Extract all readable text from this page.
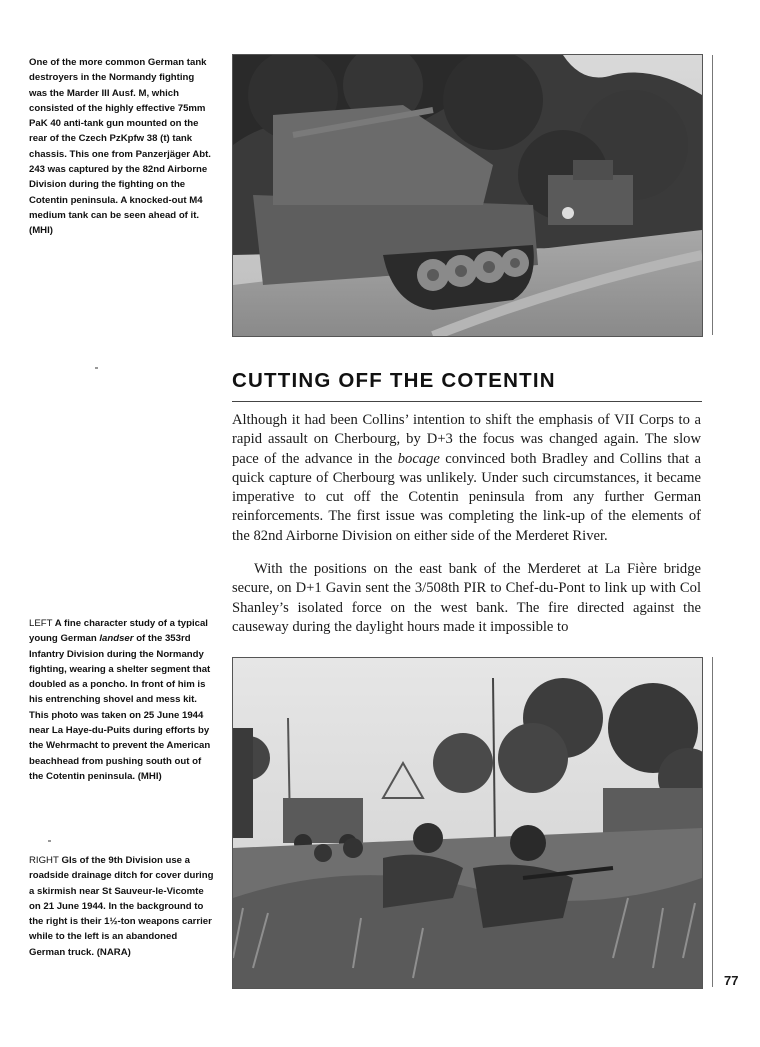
One of the more common German tank destroyers in the Normandy fighting was the Marder III Ausf. M, which consisted of the highly effective 75mm PaK 40 anti-tank gun mounted on the rear of the Czech PzKpfw 38 (t) tank chassis. This one from Panzerjäger Abt. 243 was captured by the 82nd Airborne Division during the fighting on the Cotentin peninsula. A knocked-out M4 medium tank can be seen ahead of it. (MHI)
CUTTING OFF THE COTENTIN

Although it had been Collins’ intention to shift the emphasis of VII Corps to a rapid assault on Cherbourg, by D+3 the focus was changed again. The slow pace of the advance in the bocage convinced both Bradley and Collins that a quick capture of Cherbourg was unlikely. Under such circumstances, it became imperative to cut off the Cotentin peninsula from any further German reinforcements. The first issue was completing the link-up of the elements of the 82nd Airborne Division on either side of the Merderet River.

With the positions on the east bank of the Merderet at La Fière bridge secure, on D+1 Gavin sent the 3/508th PIR to Chef-du-Pont to link up with Col Shanley’s isolated force on the west bank. The fire directed against the causeway during the daylight hours made it impossible to

LEFT A fine character study of a typical young German landser of the 353rd Infantry Division during the Normandy fighting, wearing a shelter segment that doubled as a poncho. In front of him is his entrenching shovel and mess kit. This photo was taken on 25 June 1944 near La Haye-du-Puits during efforts by the Wehrmacht to prevent the American beachhead from pushing south out of the Cotentin peninsula. (MHI)
RIGHT GIs of the 9th Division use a roadside drainage ditch for cover during a skirmish near St Sauveur-le-Vicomte on 21 June 1944. In the background to the right is their 1½-ton weapons carrier while to the left is an abandoned German truck. (NARA)
77
